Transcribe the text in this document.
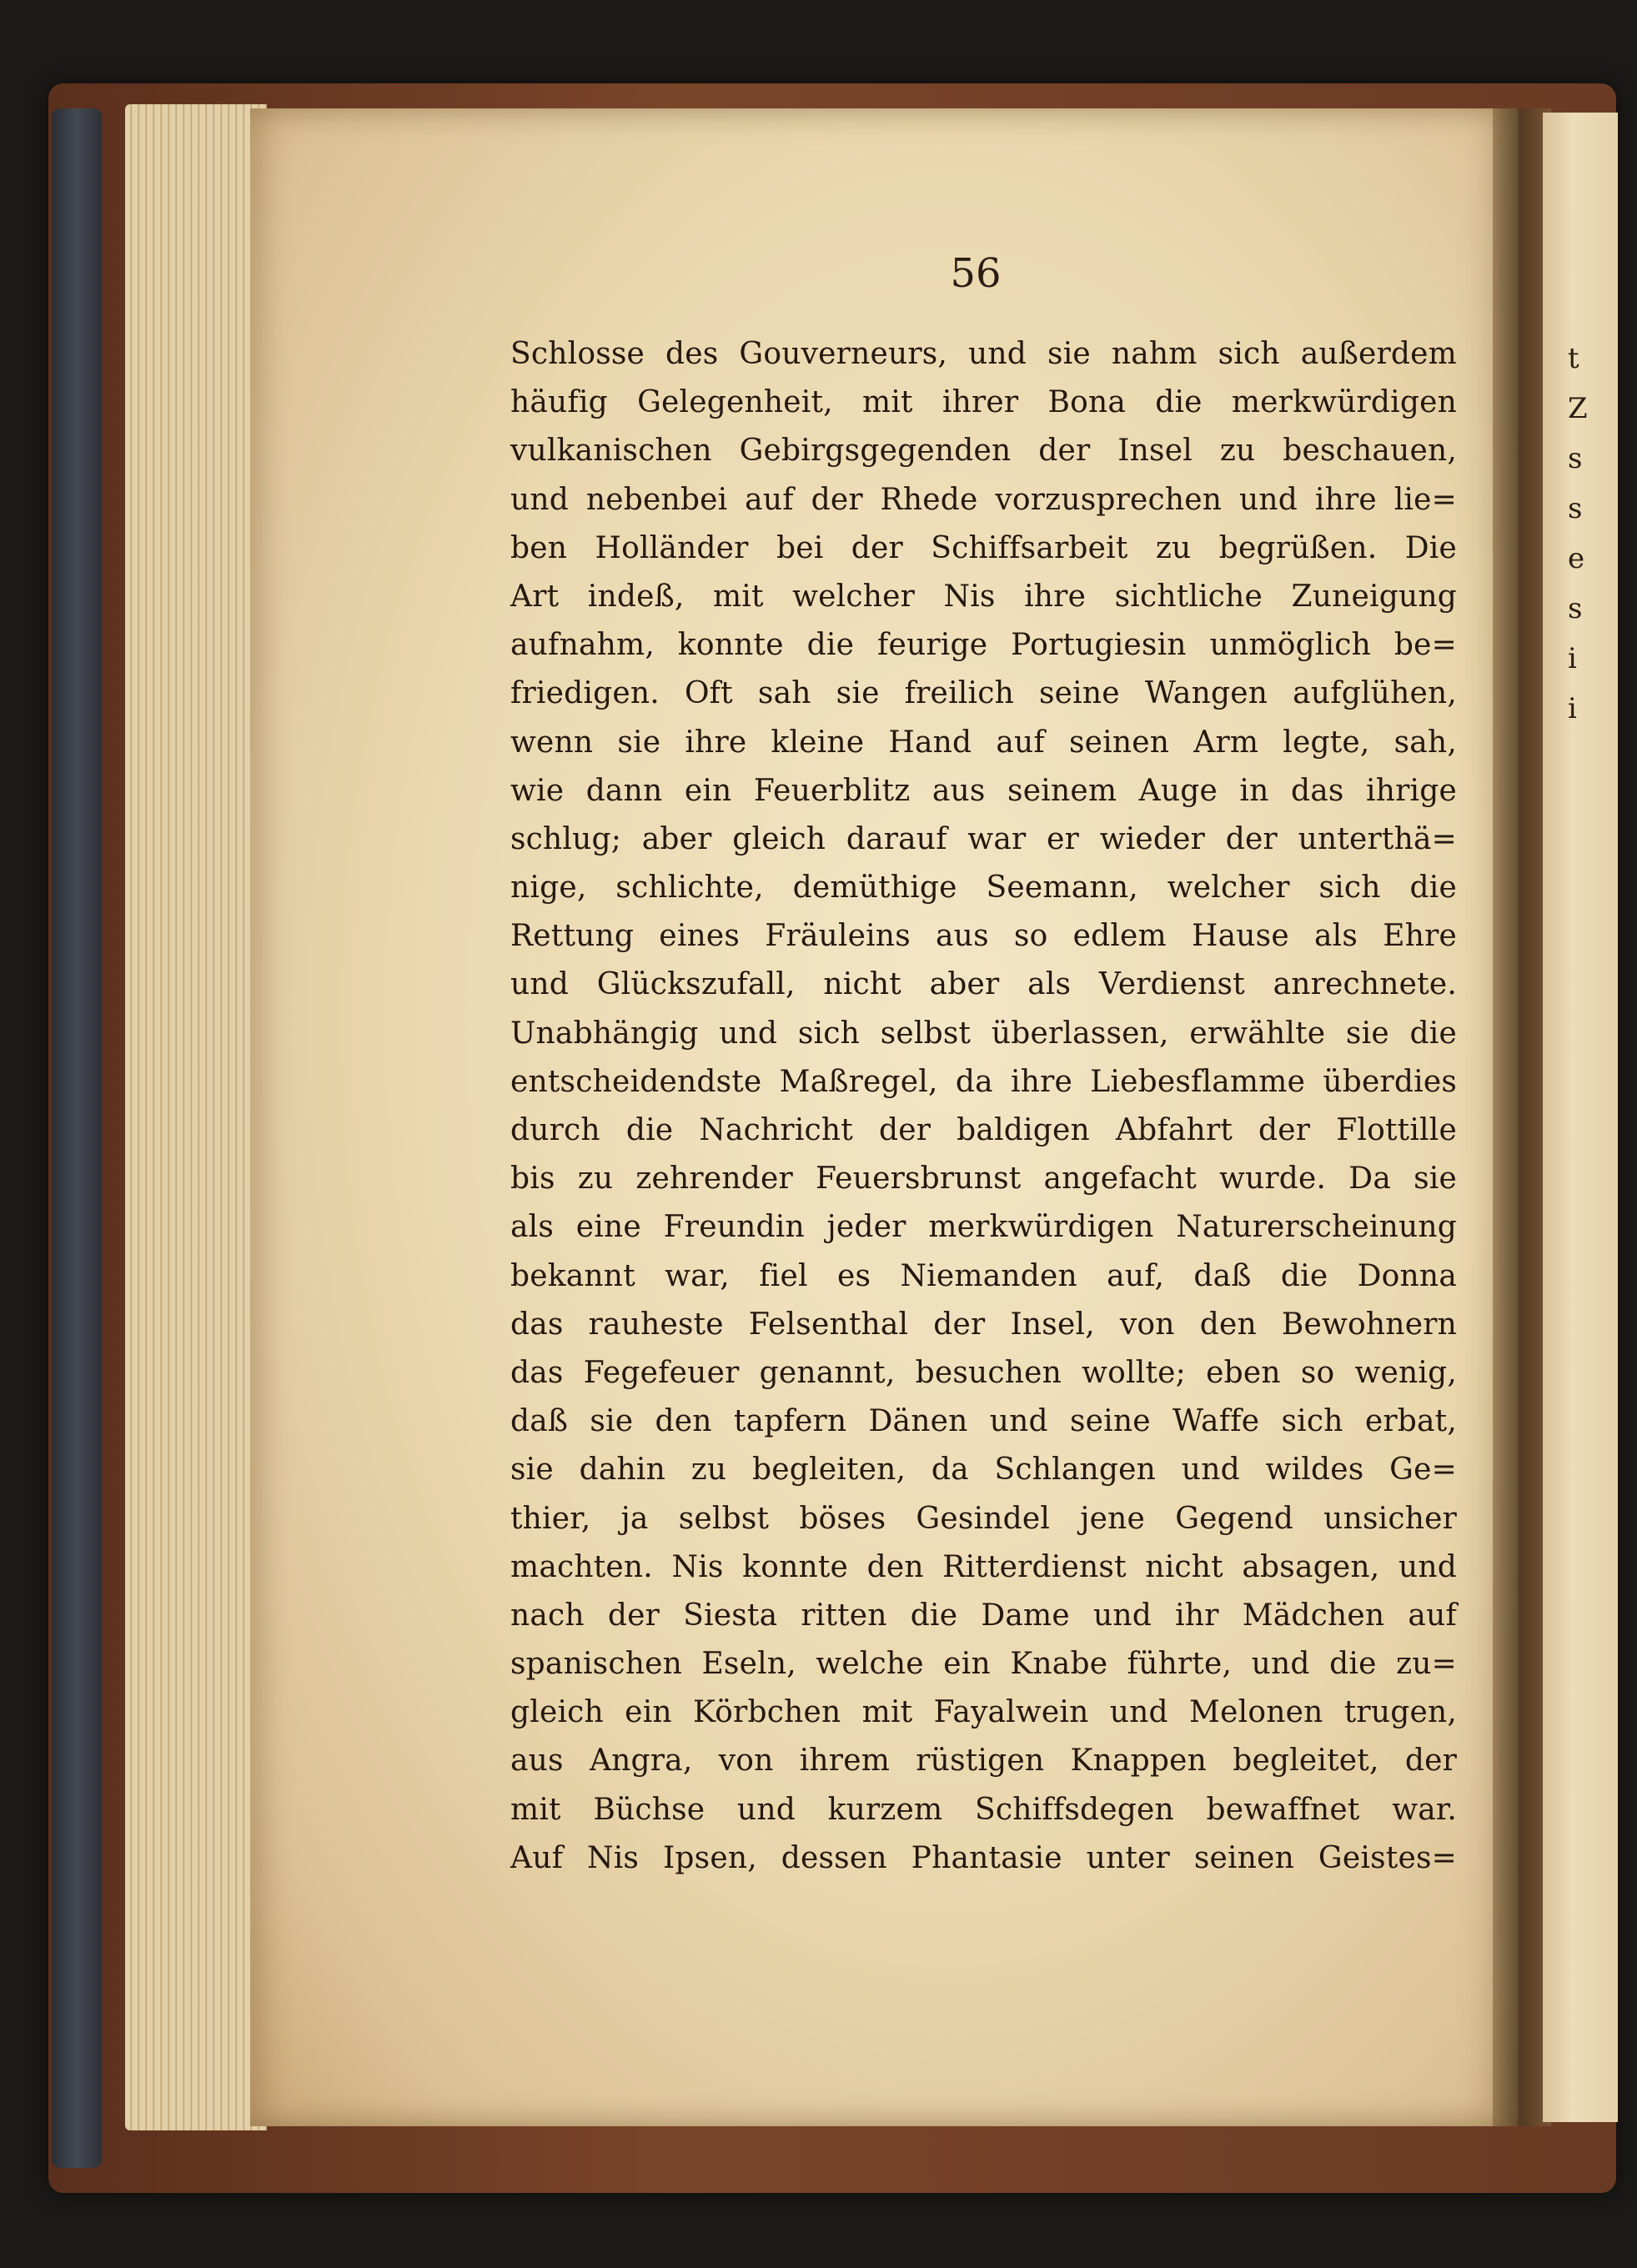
t
Z
s
s
e
s
i
i
56
Schlosse des Gouverneurs, und sie nahm sich außerdem
häufig Gelegenheit, mit ihrer Bona die merkwürdigen
vulkanischen Gebirgsgegenden der Insel zu beschauen,
und nebenbei auf der Rhede vorzusprechen und ihre lie=
ben Holländer bei der Schiffsarbeit zu begrüßen. Die
Art indeß, mit welcher Nis ihre sichtliche Zuneigung
aufnahm, konnte die feurige Portugiesin unmöglich be=
friedigen. Oft sah sie freilich seine Wangen aufglühen,
wenn sie ihre kleine Hand auf seinen Arm legte, sah,
wie dann ein Feuerblitz aus seinem Auge in das ihrige
schlug; aber gleich darauf war er wieder der unterthä=
nige, schlichte, demüthige Seemann, welcher sich die
Rettung eines Fräuleins aus so edlem Hause als Ehre
und Glückszufall, nicht aber als Verdienst anrechnete.
Unabhängig und sich selbst überlassen, erwählte sie die
entscheidendste Maßregel, da ihre Liebesflamme überdies
durch die Nachricht der baldigen Abfahrt der Flottille
bis zu zehrender Feuersbrunst angefacht wurde. Da sie
als eine Freundin jeder merkwürdigen Naturerscheinung
bekannt war, fiel es Niemanden auf, daß die Donna
das rauheste Felsenthal der Insel, von den Bewohnern
das Fegefeuer genannt, besuchen wollte; eben so wenig,
daß sie den tapfern Dänen und seine Waffe sich erbat,
sie dahin zu begleiten, da Schlangen und wildes Ge=
thier, ja selbst böses Gesindel jene Gegend unsicher
machten. Nis konnte den Ritterdienst nicht absagen, und
nach der Siesta ritten die Dame und ihr Mädchen auf
spanischen Eseln, welche ein Knabe führte, und die zu=
gleich ein Körbchen mit Fayalwein und Melonen trugen,
aus Angra, von ihrem rüstigen Knappen begleitet, der
mit Büchse und kurzem Schiffsdegen bewaffnet war.
Auf Nis Ipsen, dessen Phantasie unter seinen Geistes=
